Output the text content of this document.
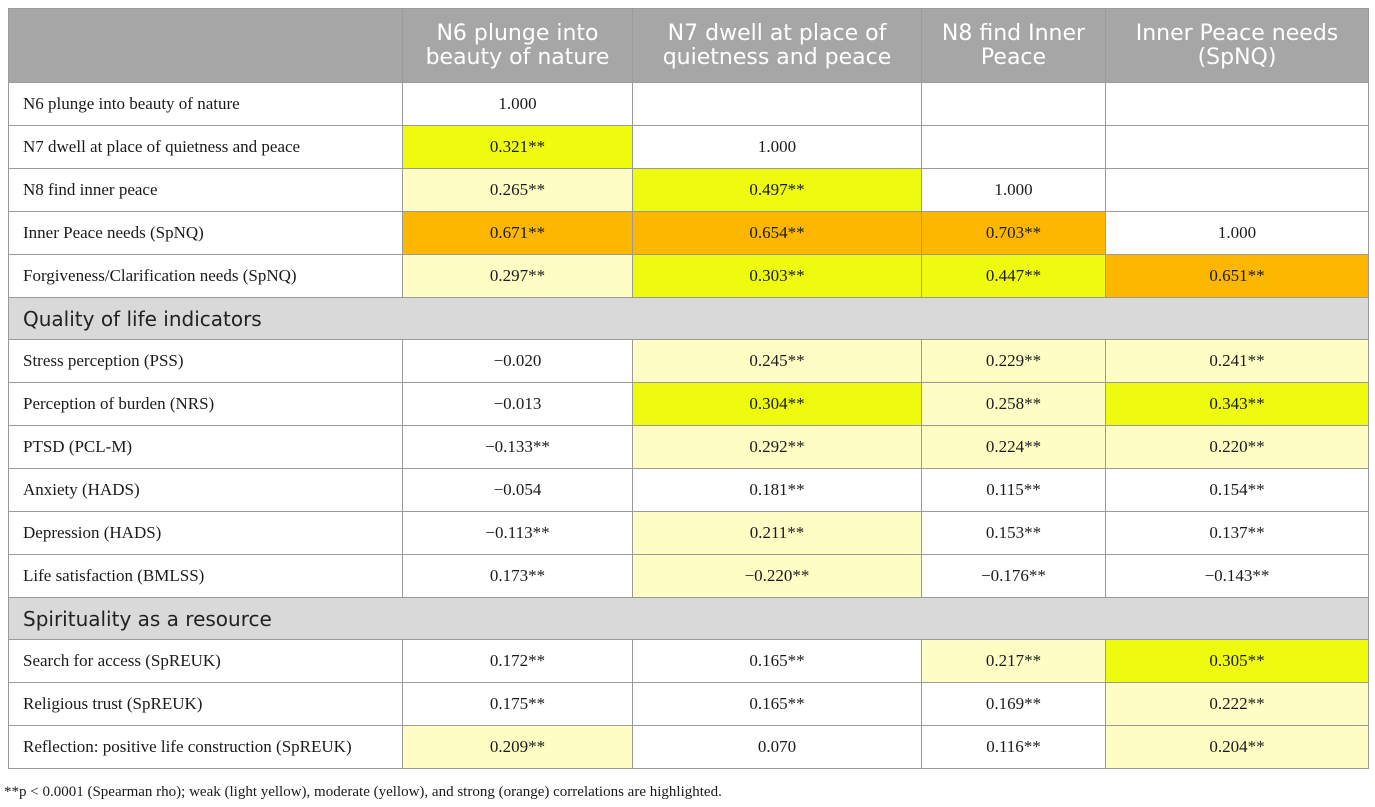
	N6 plunge into beauty of nature	N7 dwell at place of quietness and peace	N8 find Inner Peace	Inner Peace needs (SpNQ)
N6 plunge into beauty of nature	1.000			
N7 dwell at place of quietness and peace	0.321**	1.000		
N8 find inner peace	0.265**	0.497**	1.000	
Inner Peace needs (SpNQ)	0.671**	0.654**	0.703**	1.000
Forgiveness/Clarification needs (SpNQ)	0.297**	0.303**	0.447**	0.651**
Quality of life indicators				
Stress perception (PSS)	−0.020	0.245**	0.229**	0.241**
Perception of burden (NRS)	−0.013	0.304**	0.258**	0.343**
PTSD (PCL-M)	−0.133**	0.292**	0.224**	0.220**
Anxiety (HADS)	−0.054	0.181**	0.115**	0.154**
Depression (HADS)	−0.113**	0.211**	0.153**	0.137**
Life satisfaction (BMLSS)	0.173**	−0.220**	−0.176**	−0.143**
Spirituality as a resource				
Search for access (SpREUK)	0.172**	0.165**	0.217**	0.305**
Religious trust (SpREUK)	0.175**	0.165**	0.169**	0.222**
Reflection: positive life construction (SpREUK)	0.209**	0.070	0.116**	0.204**
**p < 0.0001 (Spearman rho); weak (light yellow), moderate (yellow), and strong (orange) correlations are highlighted.
